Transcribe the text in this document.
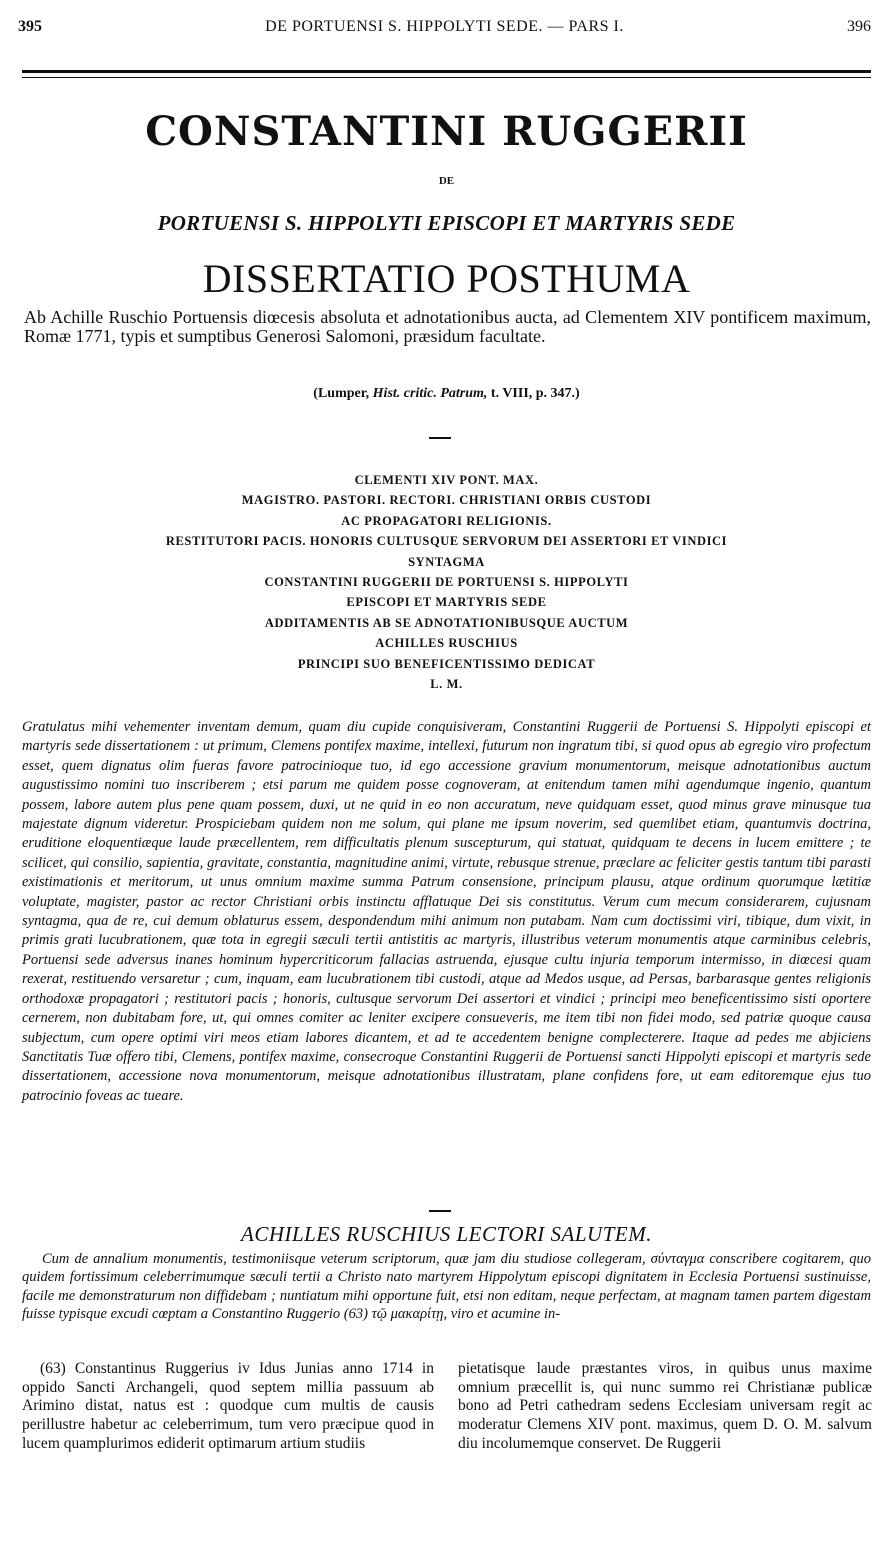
395	DE PORTUENSI S. HIPPOLYTI SEDE. — PARS I.	396
CONSTANTINI RUGGERII
DE
PORTUENSI S. HIPPOLYTI EPISCOPI ET MARTYRIS SEDE
DISSERTATIO POSTHUMA
Ab Achille Ruschio Portuensis diœcesis absoluta et adnotationibus aucta, ad Clementem XIV pontificem maximum, Romæ 1771, typis et sumptibus Generosi Salomoni, præsidum facultate.
(Lumper, Hist. critic. Patrum, t. VIII, p. 347.)
CLEMENTI XIV PONT. MAX.
MAGISTRO. PASTORI. RECTORI. CHRISTIANI ORBIS CUSTODI
AC PROPAGATORI RELIGIONIS.
RESTITUTORI PACIS. HONORIS CULTUSQUE SERVORUM DEI ASSERTORI ET VINDICI
SYNTAGMA
CONSTANTINI RUGGERII DE PORTUENSI S. HIPPOLYTI
EPISCOPI ET MARTYRIS SEDE
ADDITAMENTIS AB SE ADNOTATIONIBUSQUE AUCTUM
ACHILLES RUSCHIUS
PRINCIPI SUO BENEFICENTISSIMO DEDICAT
L. M.
Gratulatus mihi vehementer inventam demum, quam diu cupide conquisiveram, Constantini Ruggerii de Portuensi S. Hippolyti episcopi et martyris sede dissertationem : ut primum, Clemens pontifex maxime, intellexi, futurum non ingratum tibi, si quod opus ab egregio viro profectum esset, quem dignatus olim fueras favore patrocinioque tuo, id ego accessione gravium monumentorum, meisque adnotationibus auctum augustissimo nomini tuo inscriberem ; etsi parum me quidem posse cognoveram, at enitendum tamen mihi agendumque ingenio, quantum possem, labore autem plus pene quam possem, duxi, ut ne quid in eo non accuratum, neve quidquam esset, quod minus grave minusque tua majestate dignum videretur. Prospiciebam quidem non me solum, qui plane me ipsum noverim, sed quemlibet etiam, quantumvis doctrina, eruditione eloquentiæque laude præcellentem, rem difficultatis plenum suscepturum, qui statuat, quidquam te decens in lucem emittere ; te scilicet, qui consilio, sapientia, gravitate, constantia, magnitudine animi, virtute, rebusque strenue, præclare ac feliciter gestis tantum tibi parasti existimationis et meritorum, ut unus omnium maxime summa Patrum consensione, principum plausu, atque ordinum quorumque lætitiæ voluptate, magister, pastor ac rector Christiani orbis instinctu afflatuque Dei sis constitutus. Verum cum mecum considerarem, cujusnam syntagma, qua de re, cui demum oblaturus essem, despondendum mihi animum non putabam. Nam cum doctissimi viri, tibique, dum vixit, in primis grati lucubrationem, quæ tota in egregii sæculi tertii antistitis ac martyris, illustribus veterum monumentis atque carminibus celebris, Portuensi sede adversus inanes hominum hypercriticorum fallacias astruenda, ejusque cultu injuria temporum intermisso, in diœcesi quam rexerat, restituendo versaretur ; cum, inquam, eam lucubrationem tibi custodi, atque ad Medos usque, ad Persas, barbarasque gentes religionis orthodoxæ propagatori ; restitutori pacis ; honoris, cultusque servorum Dei assertori et vindici ; principi meo beneficentissimo sisti oportere cernerem, non dubitabam fore, ut, qui omnes comiter ac leniter excipere consueveris, me item tibi non fidei modo, sed patriæ quoque causa subjectum, cum opere optimi viri meos etiam labores dicantem, et ad te accedentem benigne complecterere. Itaque ad pedes me abjiciens Sanctitatis Tuæ offero tibi, Clemens, pontifex maxime, consecroque Constantini Ruggerii de Portuensi sancti Hippolyti episcopi et martyris sede dissertationem, accessione nova monumentorum, meisque adnotationibus illustratam, plane confidens fore, ut eam editoremque ejus tuo patrocinio foveas ac tueare.
ACHILLES RUSCHIUS LECTORI SALUTEM.
Cum de annalium monumentis, testimoniisque veterum scriptorum, quæ jam diu studiose collegeram, σύνταγμα conscribere cogitarem, quo quidem fortissimum celeberrimumque sæculi tertii a Christo nato martyrem Hippolytum episcopi dignitatem in Ecclesia Portuensi sustinuisse, facile me demonstraturum non diffidebam ; nuntiatum mihi opportune fuit, etsi non editam, neque perfectam, at magnam tamen partem digestam fuisse typisque excudi cœptam a Constantino Ruggerio (63) τῷ μακαρίτῃ, viro et acumine in-
(63) Constantinus Ruggerius iv Idus Junias anno 1714 in oppido Sancti Archangeli, quod septem millia passuum ab Arimino distat, natus est : quodque cum multis de causis perillustre habetur ac celeberrimum, tum vero præcipue quod in lucem quamplurimos ediderit optimarum artium studiis
pietatisque laude præstantes viros, in quibus unus maxime omnium præcellit is, qui nunc summo rei Christianæ publicæ bono ad Petri cathedram sedens Ecclesiam universam regit ac moderatur Clemens XIV pont. maximus, quem D. O. M. salvum diu incolumemque conservet. De Ruggerii
